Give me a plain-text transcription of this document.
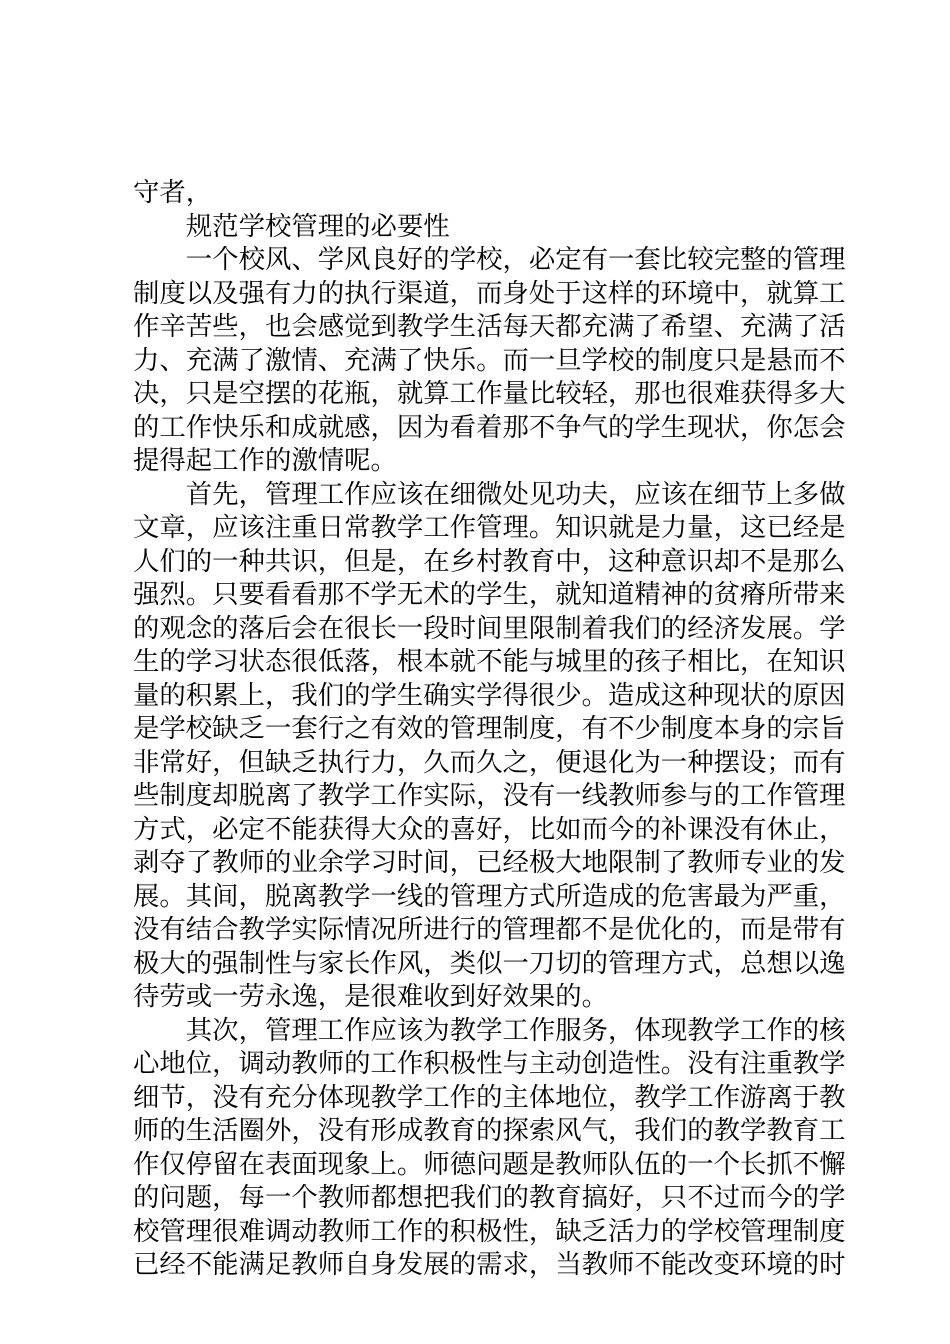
守者，
规范学校管理的必要性
一个校风、学风良好的学校，必定有一套比较完整的管理
制度以及强有力的执行渠道，而身处于这样的环境中，就算工
作辛苦些，也会感觉到教学生活每天都充满了希望、充满了活
力、充满了激情、充满了快乐。而一旦学校的制度只是悬而不
决，只是空摆的花瓶，就算工作量比较轻，那也很难获得多大
的工作快乐和成就感，因为看着那不争气的学生现状，你怎会
提得起工作的激情呢。
首先，管理工作应该在细微处见功夫，应该在细节上多做
文章，应该注重日常教学工作管理。知识就是力量，这已经是
人们的一种共识，但是，在乡村教育中，这种意识却不是那么
强烈。只要看看那不学无术的学生，就知道精神的贫瘠所带来
的观念的落后会在很长一段时间里限制着我们的经济发展。学
生的学习状态很低落，根本就不能与城里的孩子相比，在知识
量的积累上，我们的学生确实学得很少。造成这种现状的原因
是学校缺乏一套行之有效的管理制度，有不少制度本身的宗旨
非常好，但缺乏执行力，久而久之，便退化为一种摆设；而有
些制度却脱离了教学工作实际，没有一线教师参与的工作管理
方式，必定不能获得大众的喜好，比如而今的补课没有休止，
剥夺了教师的业余学习时间，已经极大地限制了教师专业的发
展。其间，脱离教学一线的管理方式所造成的危害最为严重，
没有结合教学实际情况所进行的管理都不是优化的，而是带有
极大的强制性与家长作风，类似一刀切的管理方式，总想以逸
待劳或一劳永逸，是很难收到好效果的。
其次，管理工作应该为教学工作服务，体现教学工作的核
心地位，调动教师的工作积极性与主动创造性。没有注重教学
细节，没有充分体现教学工作的主体地位，教学工作游离于教
师的生活圈外，没有形成教育的探索风气，我们的教学教育工
作仅停留在表面现象上。师德问题是教师队伍的一个长抓不懈
的问题，每一个教师都想把我们的教育搞好，只不过而今的学
校管理很难调动教师工作的积极性，缺乏活力的学校管理制度
已经不能满足教师自身发展的需求，当教师不能改变环境的时
